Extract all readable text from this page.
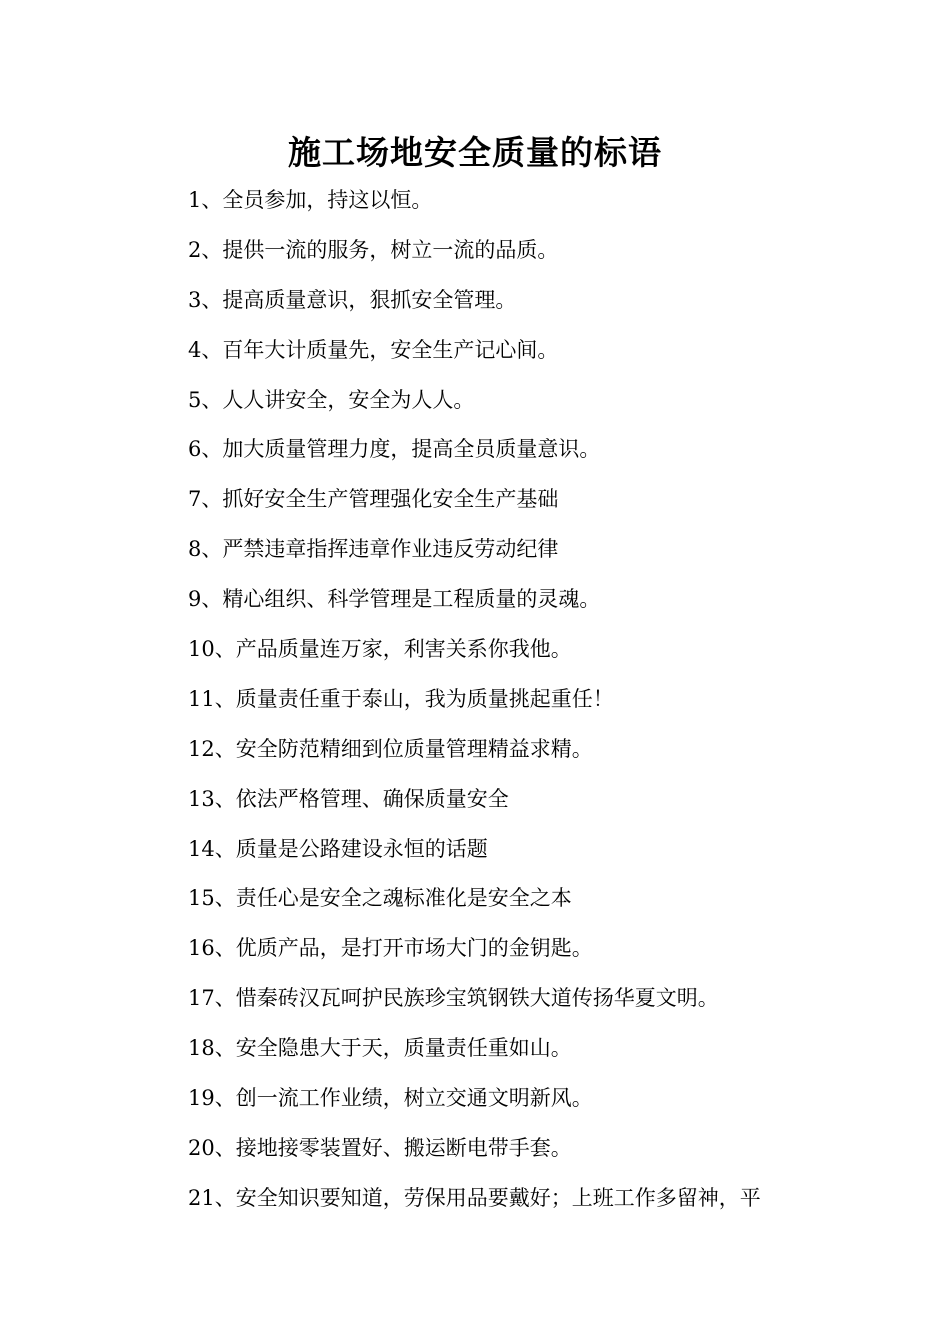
施工场地安全质量的标语
1、全员参加，持这以恒。
2、提供一流的服务，树立一流的品质。
3、提高质量意识，狠抓安全管理。
4、百年大计质量先，安全生产记心间。
5、人人讲安全，安全为人人。
6、加大质量管理力度，提高全员质量意识。
7、抓好安全生产管理强化安全生产基础
8、严禁违章指挥违章作业违反劳动纪律
9、精心组织、科学管理是工程质量的灵魂。
10、产品质量连万家，利害关系你我他。
11、质量责任重于泰山，我为质量挑起重任！
12、安全防范精细到位质量管理精益求精。
13、依法严格管理、确保质量安全
14、质量是公路建设永恒的话题
15、责任心是安全之魂标准化是安全之本
16、优质产品，是打开市场大门的金钥匙。
17、惜秦砖汉瓦呵护民族珍宝筑钢铁大道传扬华夏文明。
18、安全隐患大于天，质量责任重如山。
19、创一流工作业绩，树立交通文明新风。
20、接地接零装置好、搬运断电带手套。
21、安全知识要知道，劳保用品要戴好；上班工作多留神，平
